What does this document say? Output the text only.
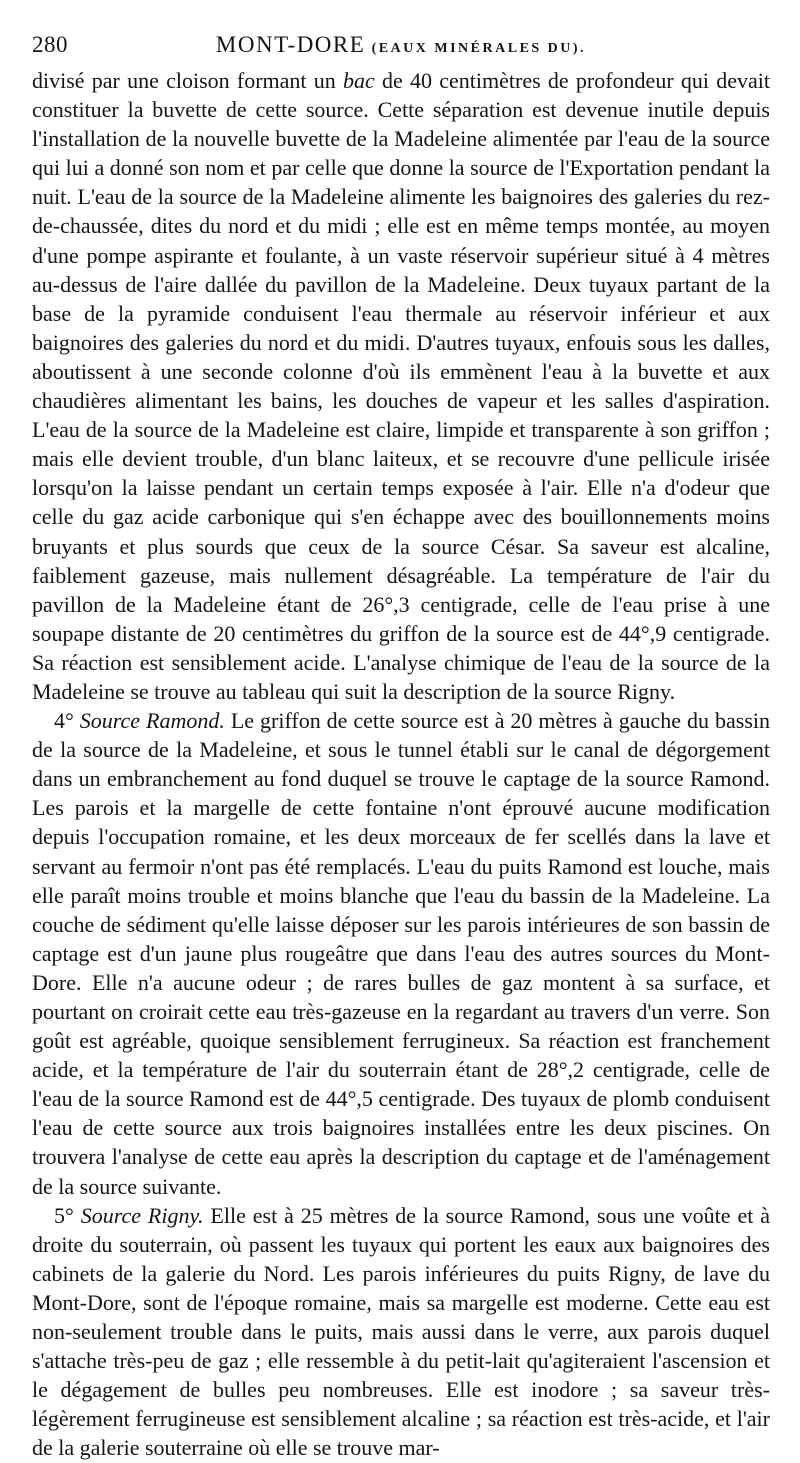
280	MONT-DORE (EAUX MINÉRALES DU).

divisé par une cloison formant un bac de 40 centimètres de profondeur qui devait constituer la buvette de cette source. Cette séparation est devenue inutile depuis l'installation de la nouvelle buvette de la Madeleine alimentée par l'eau de la source qui lui a donné son nom et par celle que donne la source de l'Exportation pendant la nuit. L'eau de la source de la Madeleine alimente les baignoires des galeries du rez-de-chaussée, dites du nord et du midi ; elle est en même temps montée, au moyen d'une pompe aspirante et foulante, à un vaste réservoir supérieur situé à 4 mètres au-dessus de l'aire dallée du pavillon de la Madeleine. Deux tuyaux partant de la base de la pyramide conduisent l'eau thermale au réservoir inférieur et aux baignoires des galeries du nord et du midi. D'autres tuyaux, enfouis sous les dalles, aboutissent à une seconde colonne d'où ils emmènent l'eau à la buvette et aux chaudières alimentant les bains, les douches de vapeur et les salles d'aspiration. L'eau de la source de la Madeleine est claire, limpide et transparente à son griffon ; mais elle devient trouble, d'un blanc laiteux, et se recouvre d'une pellicule irisée lorsqu'on la laisse pendant un certain temps exposée à l'air. Elle n'a d'odeur que celle du gaz acide carbonique qui s'en échappe avec des bouillonnements moins bruyants et plus sourds que ceux de la source César. Sa saveur est alcaline, faiblement gazeuse, mais nullement désagréable. La température de l'air du pavillon de la Madeleine étant de 26°,3 centigrade, celle de l'eau prise à une soupape distante de 20 centimètres du griffon de la source est de 44°,9 centigrade. Sa réaction est sensiblement acide. L'analyse chimique de l'eau de la source de la Madeleine se trouve au tableau qui suit la description de la source Rigny.

4° Source Ramond. Le griffon de cette source est à 20 mètres à gauche du bassin de la source de la Madeleine, et sous le tunnel établi sur le canal de dégorgement dans un embranchement au fond duquel se trouve le captage de la source Ramond. Les parois et la margelle de cette fontaine n'ont éprouvé aucune modification depuis l'occupation romaine, et les deux morceaux de fer scellés dans la lave et servant au fermoir n'ont pas été remplacés. L'eau du puits Ramond est louche, mais elle paraît moins trouble et moins blanche que l'eau du bassin de la Madeleine. La couche de sédiment qu'elle laisse déposer sur les parois intérieures de son bassin de captage est d'un jaune plus rougeâtre que dans l'eau des autres sources du Mont-Dore. Elle n'a aucune odeur ; de rares bulles de gaz montent à sa surface, et pourtant on croirait cette eau très-gazeuse en la regardant au travers d'un verre. Son goût est agréable, quoique sensiblement ferrugineux. Sa réaction est franchement acide, et la température de l'air du souterrain étant de 28°,2 centigrade, celle de l'eau de la source Ramond est de 44°,5 centigrade. Des tuyaux de plomb conduisent l'eau de cette source aux trois baignoires installées entre les deux piscines. On trouvera l'analyse de cette eau après la description du captage et de l'aménagement de la source suivante.

5° Source Rigny. Elle est à 25 mètres de la source Ramond, sous une voûte et à droite du souterrain, où passent les tuyaux qui portent les eaux aux baignoires des cabinets de la galerie du Nord. Les parois inférieures du puits Rigny, de lave du Mont-Dore, sont de l'époque romaine, mais sa margelle est moderne. Cette eau est non-seulement trouble dans le puits, mais aussi dans le verre, aux parois duquel s'attache très-peu de gaz ; elle ressemble à du petit-lait qu'agiteraient l'ascension et le dégagement de bulles peu nombreuses. Elle est inodore ; sa saveur très-légèrement ferrugineuse est sensiblement alcaline ; sa réaction est très-acide, et l'air de la galerie souterraine où elle se trouve mar-
